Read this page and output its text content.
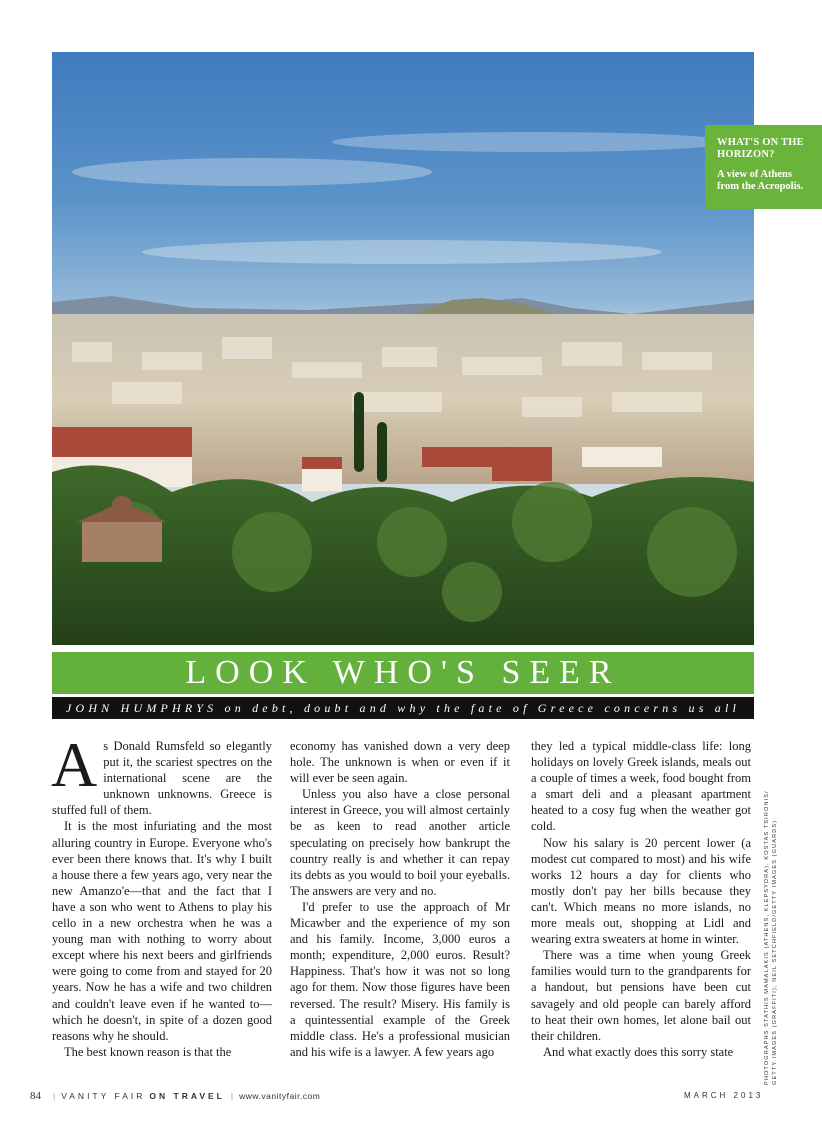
WHAT'S ON THE HORIZON?
A view of Athens from the Acropolis.
LOOK WHO'S SEER
JOHN HUMPHRYS on debt, doubt and why the fate of Greece concerns us all

As Donald Rumsfeld so elegantly put it, the scariest spectres on the international scene are the unknown unknowns. Greece is stuffed full of them.

It is the most infuriating and the most alluring country in Europe. Everyone who's ever been there knows that. It's why I built a house there a few years ago, very near the new Amanzo'e—that and the fact that I have a son who went to Athens to play his cello in a new orchestra when he was a young man with nothing to worry about except where his next beers and girlfriends were going to come from and stayed for 20 years. Now he has a wife and two children and couldn't leave even if he wanted to—which he doesn't, in spite of a dozen good reasons why he should.

The best known reason is that the

economy has vanished down a very deep hole. The unknown is when or even if it will ever be seen again.

Unless you also have a close personal interest in Greece, you will almost certainly be as keen to read another article speculating on precisely how bankrupt the country really is and whether it can repay its debts as you would to boil your eyeballs. The answers are very and no.

I'd prefer to use the approach of Mr Micawber and the experience of my son and his family. Income, 3,000 euros a month; expenditure, 2,000 euros. Result? Happiness. That's how it was not so long ago for them. Now those figures have been reversed. The result? Misery. His family is a quintessential example of the Greek middle class. He's a professional musician and his wife is a lawyer. A few years ago

they led a typical middle-class life: long holidays on lovely Greek islands, meals out a couple of times a week, food bought from a smart deli and a pleasant apartment heated to a cosy fug when the weather got cold.

Now his salary is 20 percent lower (a modest cut compared to most) and his wife works 12 hours a day for clients who mostly don't pay her bills because they can't. Which means no more islands, no more meals out, shopping at Lidl and wearing extra sweaters at home in winter.

There was a time when young Greek families would turn to the grandparents for a handout, but pensions have been cut savagely and old people can barely afford to heat their own homes, let alone bail out their children.

And what exactly does this sorry state	PHOTOGRAPHS STATHIS MAMALAKIS (ATHENS, KLEPSYDRA), KOSTAS TSIRONIS/ GETTY IMAGES (GRAFFITI); NEIL SETCHFIELD/GETTY IMAGES (GUARDS)
84 | VANITY FAIR ON TRAVEL | www.vanityfair.com	MARCH 2013
